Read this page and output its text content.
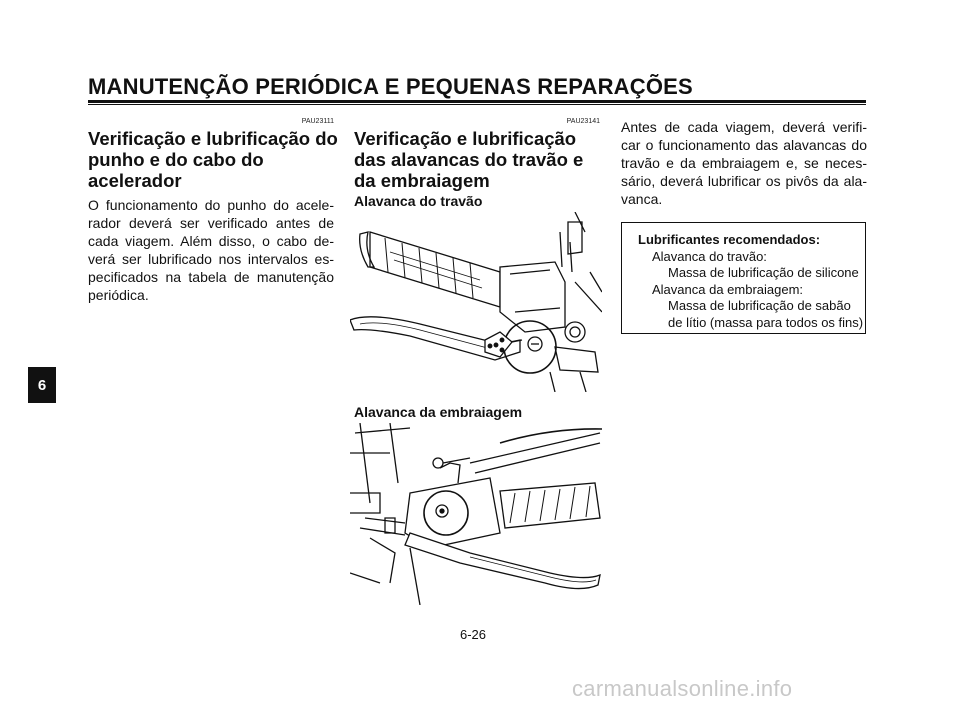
MANUTENÇÃO PERIÓDICA E PEQUENAS REPARAÇÕES
6
PAU23111
Verificação e lubrificação do
punho e do cabo do
acelerador
O funcionamento do punho do acele-
rador deverá ser verificado antes de
cada viagem. Além disso, o cabo de-
verá ser lubrificado nos intervalos es-
pecificados na tabela de manutenção
periódica.
PAU23141
Verificação e lubrificação
das alavancas do travão e
da embraiagem
Alavanca do travão
Alavanca da embraiagem
Antes de cada viagem, deverá verifi-
car o funcionamento das alavancas do
travão e da embraiagem e, se neces-
sário, deverá lubrificar os pivôs da ala-
vanca.
Lubrificantes recomendados:
Alavanca do travão:
Massa de lubrificação de silicone
Alavanca da embraiagem:
Massa de lubrificação de sabão
de lítio (massa para todos os fins)
6-26
carmanualsonline.info
